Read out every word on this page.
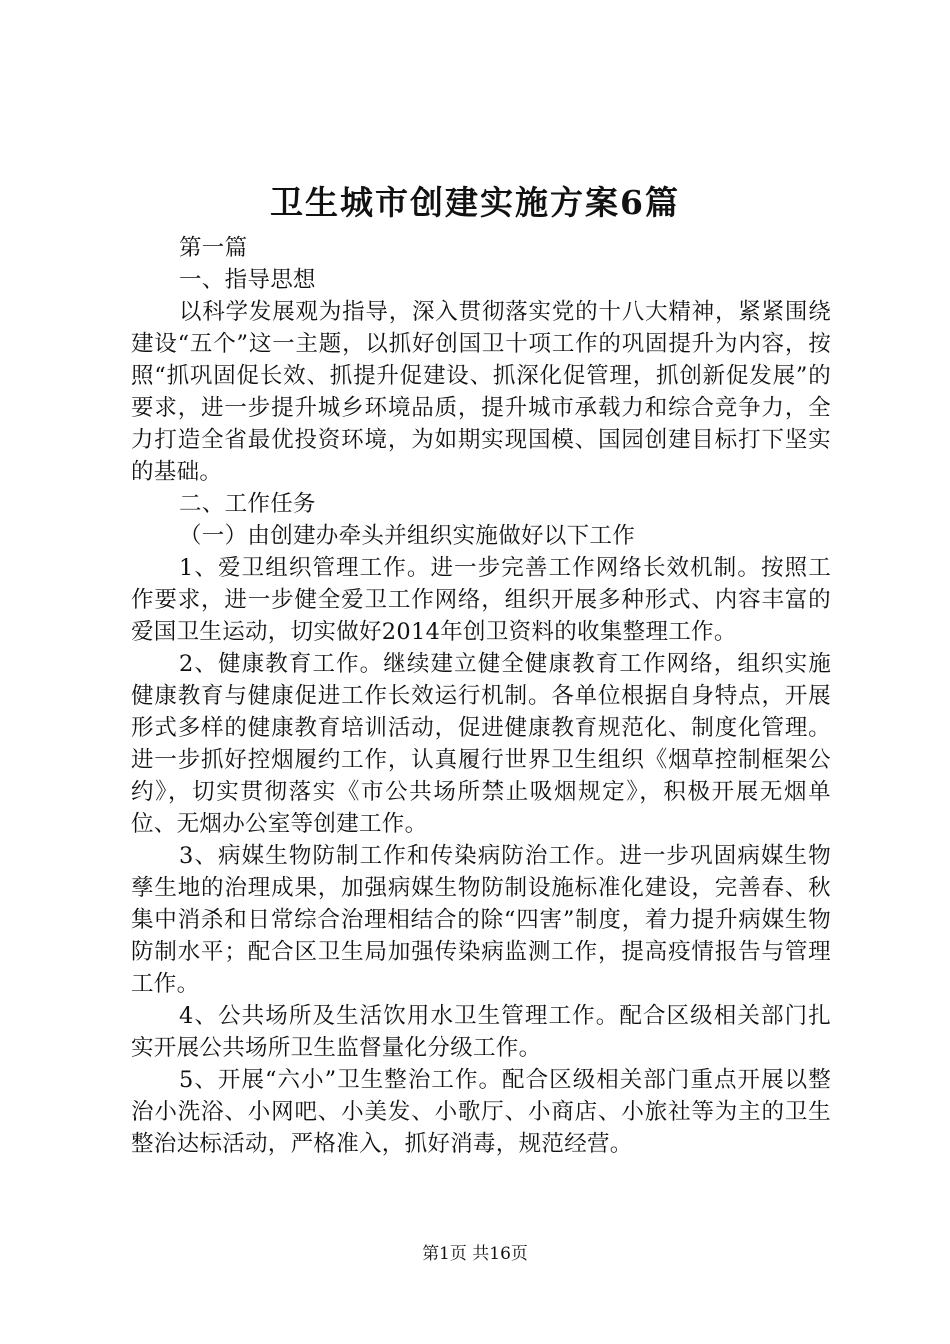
卫生城市创建实施方案6篇

第一篇

一、指导思想

以科学发展观为指导，深入贯彻落实党的十八大精神，紧紧围绕建设“五个”这一主题，以抓好创国卫十项工作的巩固提升为内容，按照“抓巩固促长效、抓提升促建设、抓深化促管理，抓创新促发展”的要求，进一步提升城乡环境品质，提升城市承载力和综合竞争力，全力打造全省最优投资环境，为如期实现国模、国园创建目标打下坚实的基础。

二、工作任务

（一）由创建办牵头并组织实施做好以下工作

1、爱卫组织管理工作。进一步完善工作网络长效机制。按照工作要求，进一步健全爱卫工作网络，组织开展多种形式、内容丰富的爱国卫生运动，切实做好2014年创卫资料的收集整理工作。

2、健康教育工作。继续建立健全健康教育工作网络，组织实施健康教育与健康促进工作长效运行机制。各单位根据自身特点，开展形式多样的健康教育培训活动，促进健康教育规范化、制度化管理。进一步抓好控烟履约工作，认真履行世界卫生组织《烟草控制框架公约》，切实贯彻落实《市公共场所禁止吸烟规定》，积极开展无烟单位、无烟办公室等创建工作。

3、病媒生物防制工作和传染病防治工作。进一步巩固病媒生物孳生地的治理成果，加强病媒生物防制设施标准化建设，完善春、秋集中消杀和日常综合治理相结合的除“四害”制度，着力提升病媒生物防制水平；配合区卫生局加强传染病监测工作，提高疫情报告与管理工作。

4、公共场所及生活饮用水卫生管理工作。配合区级相关部门扎实开展公共场所卫生监督量化分级工作。

5、开展“六小”卫生整治工作。配合区级相关部门重点开展以整治小洗浴、小网吧、小美发、小歌厅、小商店、小旅社等为主的卫生整治达标活动，严格准入，抓好消毒，规范经营。

第1页 共16页
